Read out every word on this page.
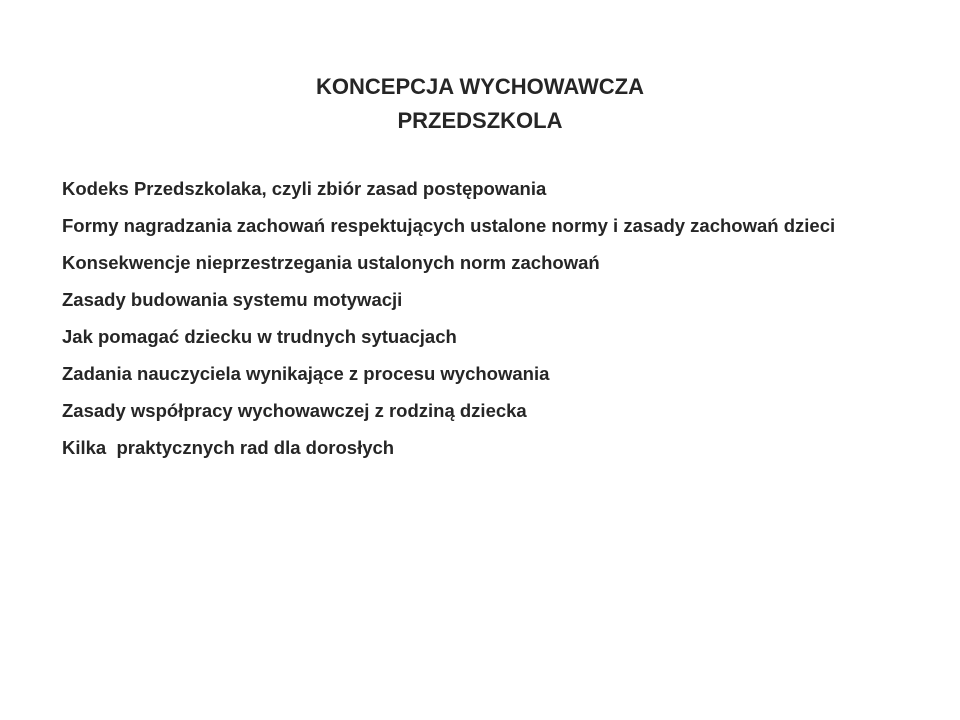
KONCEPCJA WYCHOWAWCZA
PRZEDSZKOLA
Kodeks Przedszkolaka, czyli zbiór zasad postępowania
Formy nagradzania zachowań respektujących ustalone normy i zasady zachowań dzieci
Konsekwencje nieprzestrzegania ustalonych norm zachowań
Zasady budowania systemu motywacji
Jak pomagać dziecku w trudnych sytuacjach
Zadania nauczyciela wynikające z procesu wychowania
Zasady współpracy wychowawczej z rodziną dziecka
Kilka  praktycznych rad dla dorosłych
